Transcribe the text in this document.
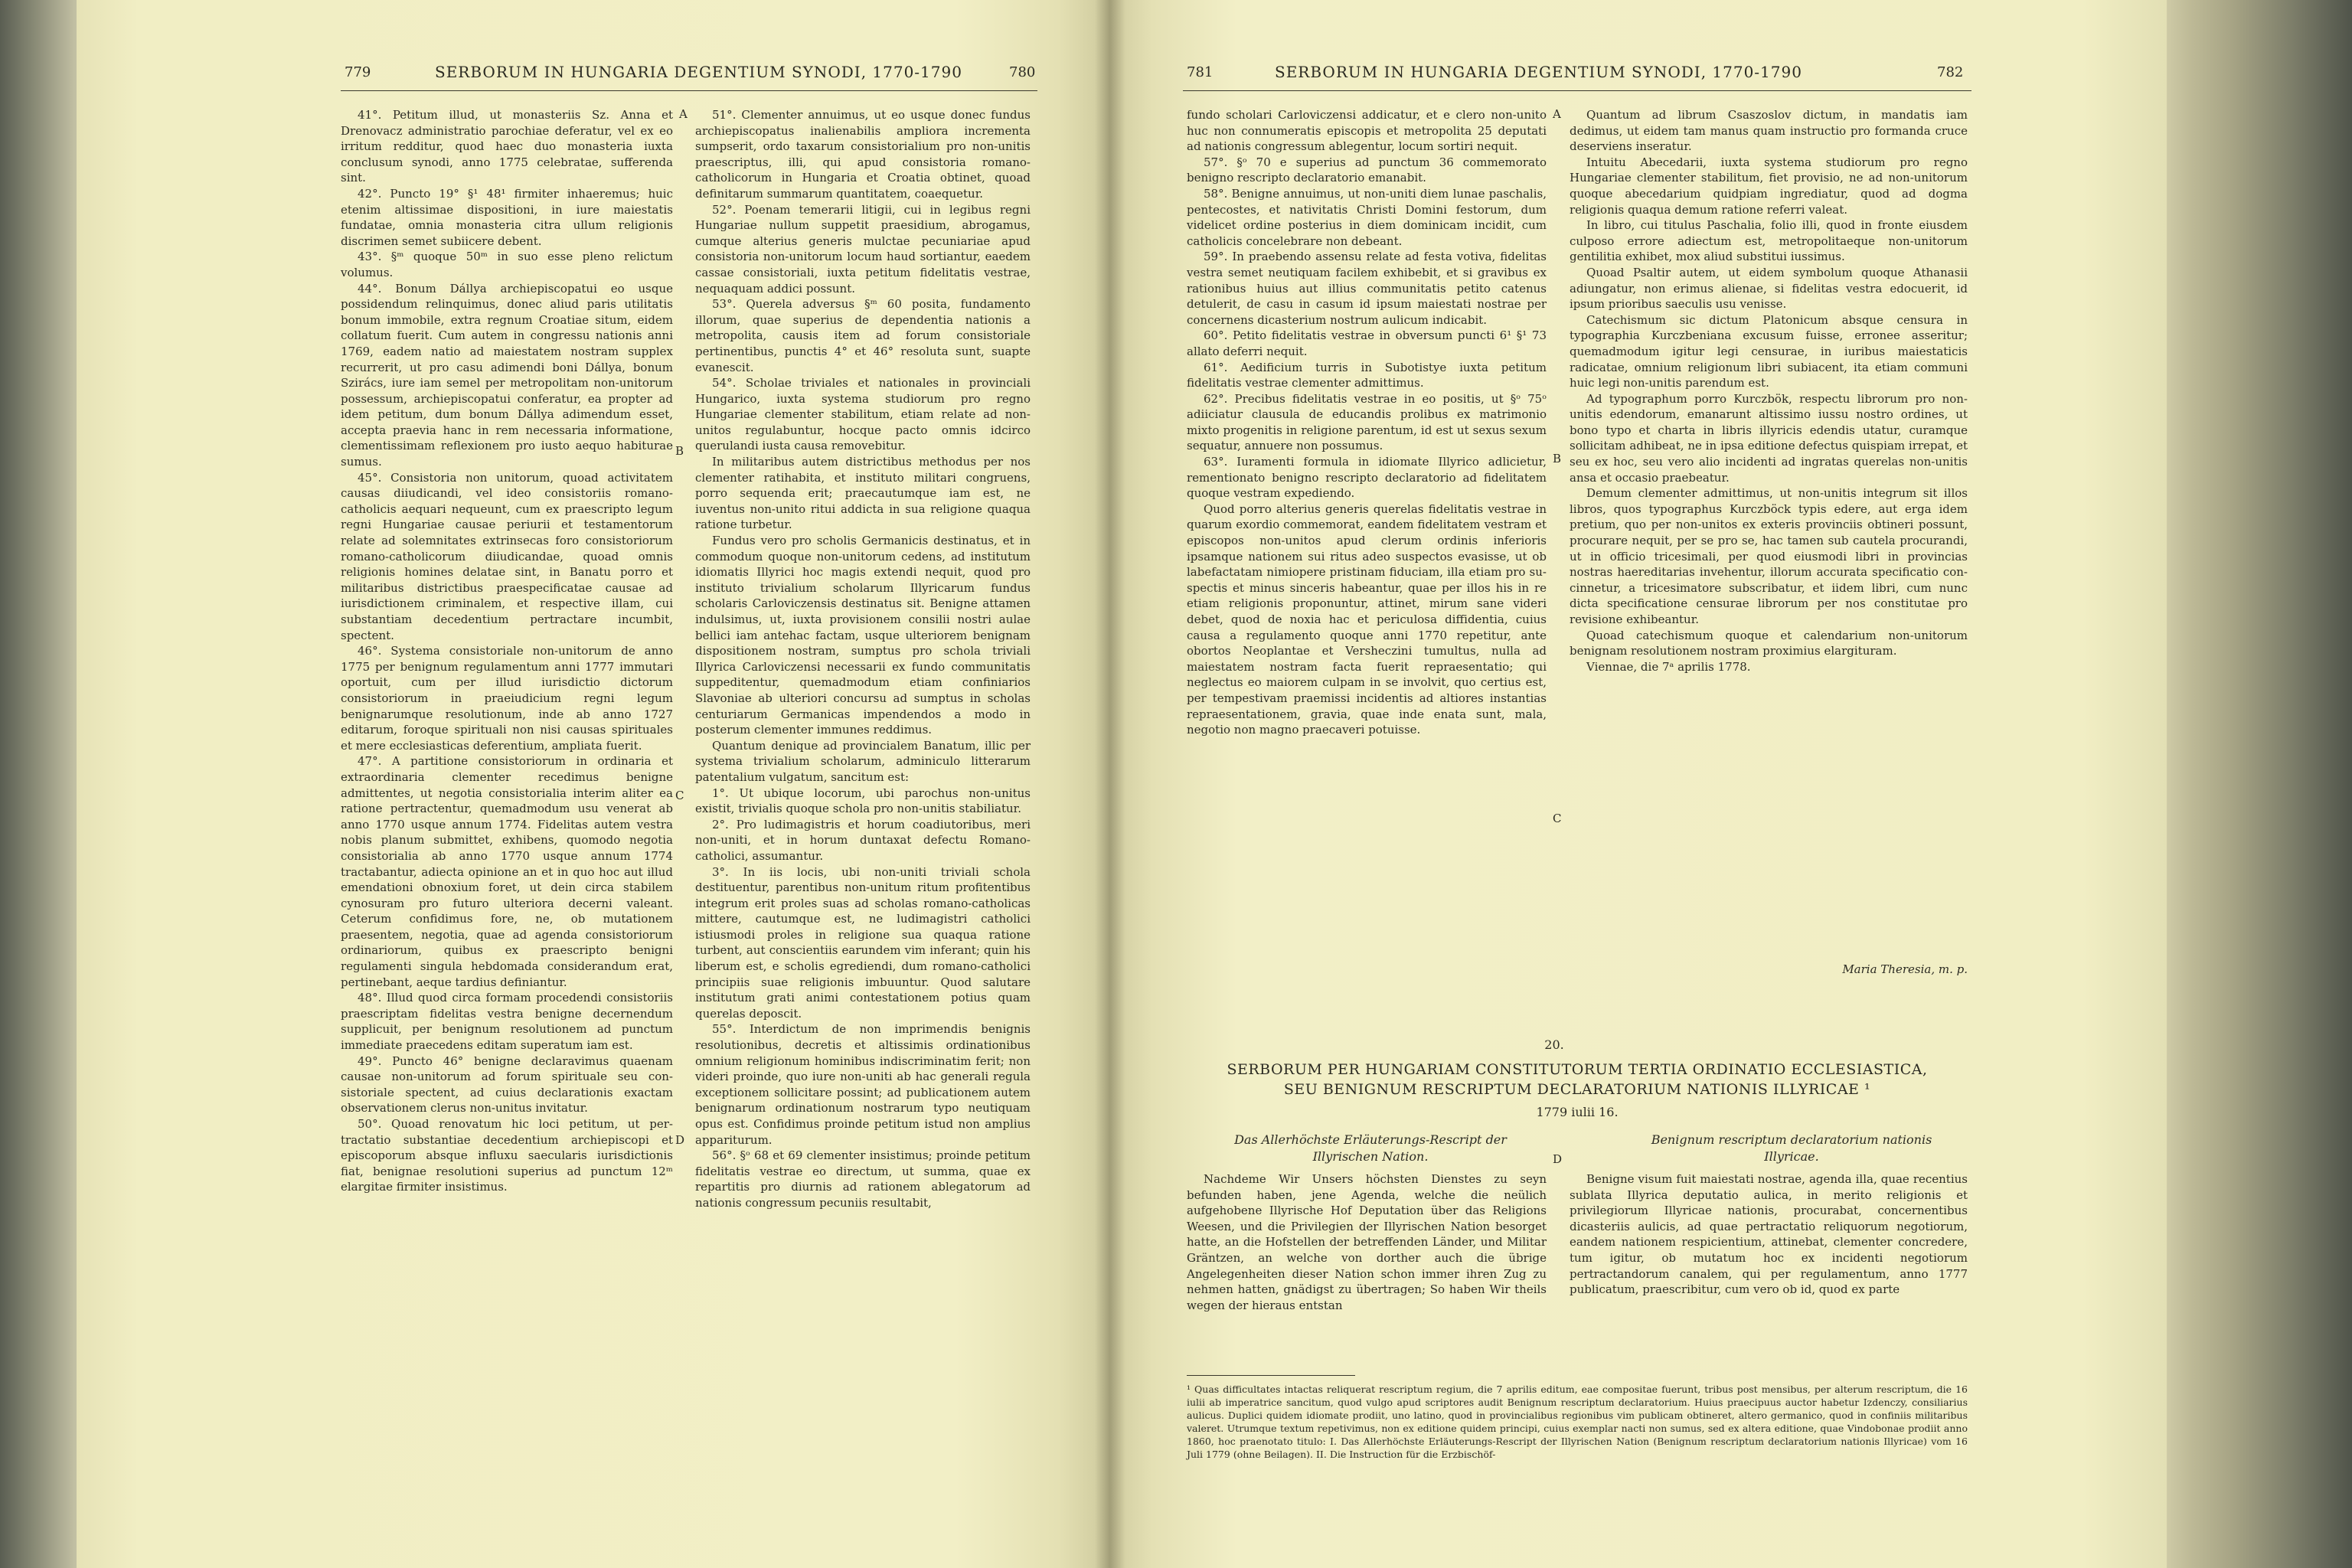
779	SERBORUM IN HUNGARIA DEGENTIUM SYNODI, 1770-1790	780

41°. Petitum illud, ut monasteriis Sz. Anna et Drenovacz administratio parochiae deferatur, vel ex eo irritum redditur, quod haec duo monasteria iuxta conclusum synodi, anno 1775 celebratae, sufferenda sint.

42°. Puncto 19° §¹ 48¹ firmiter inhaeremus; huic etenim altissimae dispositioni, in iure maiestatis fundatae, omnia monasteria citra ullum religionis discrimen semet subiicere debent.

43°. §ᵐ quoque 50ᵐ in suo esse pleno relictum volumus.

44°. Bonum Dállya archiepiscopatui eo usque possidendum relinquimus, donec aliud paris utilitatis bonum immobile, extra regnum Croatiae situm, eidem collatum fuerit. Cum autem in congressu nationis anni 1769, eadem natio ad maiestatem nostram supplex recurrerit, ut pro casu adimendi boni Dállya, bonum Szirács, iure iam semel per metropolitam non-unitorum possessum, archiepiscopatui conferatur, ea propter ad idem petitum, dum bonum Dállya adimendum esset, accepta praevia hanc in rem necessaria informatione, clementissimam reflexionem pro iusto aequo habiturae sumus.

45°. Consistoria non unitorum, quoad activitatem causas diiudicandi, vel ideo consistoriis romano-catholicis aequari nequeunt, cum ex praescripto legum regni Hungariae causae periurii et testamentorum relate ad solemnitates extrinsecas foro consistoriorum romano-catholicorum diiudicandae, quoad omnis religionis homines delatae sint, in Banatu porro et militaribus districtibus praespecificatae causae ad iurisdictionem criminalem, et respective illam, cui substantiam decedentium pertractare incumbit, spectent.

46°. Systema consistoriale non-unitorum de anno 1775 per benignum regulamentum anni 1777 immutari oportuit, cum per illud iurisdictio dictorum consistoriorum in praeiudicium regni legum benignarumque resolutionum, inde ab anno 1727 editarum, foroque spirituali non nisi causas spirituales et mere ecclesiasticas deferentium, ampliata fuerit.

47°. A partitione consistoriorum in ordinaria et extraordinaria clementer recedimus benigne admittentes, ut negotia consistorialia interim aliter ea ratione pertractentur, quemadmodum usu venerat ab anno 1770 usque annum 1774. Fidelitas autem vestra nobis planum submittet, exhibens, quomodo negotia consistorialia ab anno 1770 usque annum 1774 tractabantur, adiecta opinione an et in quo hoc aut illud emendationi obnoxium foret, ut dein circa stabilem cynosuram pro futuro ulteriora decerni valeant. Ceterum confidimus fore, ne, ob mutationem praesentem, negotia, quae ad agenda consistoriorum ordinariorum, quibus ex praescripto benigni regulamenti singula hebdomada considerandum erat, pertinebant, aeque tardius definiantur.

48°. Illud quod circa formam procedendi consistoriis praescriptam fidelitas vestra benigne decernendum supplicuit, per benignum resolutionem ad punctum immediate praecedens editam superatum iam est.

49°. Puncto 46° benigne declaravimus quaenam causae non-unitorum ad forum spirituale seu consistoriale spectent, ad cuius declarationis exactam observationem clerus non-unitus invitatur.

50°. Quoad renovatum hic loci petitum, ut pertractatio substantiae decedentium archiepiscopi et episcoporum absque influxu saecularis iurisdictionis fiat, benignae resolutioni superius ad punctum 12ᵐ elargitae firmiter insistimus.

A
B
C
D

51°. Clementer annuimus, ut eo usque donec fundus archiepiscopatus inalienabilis ampliora incrementa sumpserit, ordo taxarum consistorialium pro non-unitis praescriptus, illi, qui apud consistoria romano-catholicorum in Hungaria et Croatia obtinet, quoad definitarum summarum quantitatem, coaequetur.

52°. Poenam temerarii litigii, cui in legibus regni Hungariae nullum suppetit praesidium, abrogamus, cumque alterius generis mulctae pecuniariae apud consistoria non-unitorum locum haud sortiantur, eaedem cassae consistoriali, iuxta petitum fidelitatis vestrae, nequaquam addici possunt.

53°. Querela adversus §ᵐ 60 posita, fundamento illorum, quae superius de dependentia nationis a metropolita, causis item ad forum consistoriale pertinentibus, punctis 4° et 46° resoluta sunt, suapte evanescit.

54°. Scholae triviales et nationales in provinciali Hungarico, iuxta systema studiorum pro regno Hungariae clementer stabilitum, etiam relate ad non-unitos regulabuntur, hocque pacto omnis idcirco querulandi iusta causa removebitur.

In militaribus autem districtibus methodus per nos clementer ratihabita, et instituto militari congruens, porro sequenda erit; praecautumque iam est, ne iuventus non-unito ritui addicta in sua religione quaqua ratione turbetur.

Fundus vero pro scholis Germanicis destinatus, et in commodum quoque non-unitorum cedens, ad institutum idiomatis Illyrici hoc magis extendi nequit, quod pro instituto trivialium scholarum Illyricarum fundus scholaris Carloviczensis destinatus sit. Benigne attamen indulsimus, ut, iuxta provisionem consilii nostri aulae bellici iam antehac factam, usque ulteriorem benignam dispositionem nostram, sumptus pro schola triviali Illyrica Carloviczensi necessarii ex fundo communitatis suppeditentur, quemadmodum etiam confiniarios Slavoniae ab ulteriori concursu ad sumptus in scholas centuriarum Germanicas impendendos a modo in posterum clementer immunes reddimus.

Quantum denique ad provincialem Banatum, illic per systema trivialium scholarum, adminiculo litterarum patentalium vulgatum, sancitum est:

1°. Ut ubique locorum, ubi parochus non-unitus existit, trivialis quoque schola pro non-unitis stabiliatur.

2°. Pro ludimagistris et horum coadiutoribus, meri non-uniti, et in horum duntaxat defectu Romano-catholici, assumantur.

3°. In iis locis, ubi non-uniti triviali schola destituentur, parentibus non-unitum ritum profitentibus integrum erit proles suas ad scholas romano-catholicas mittere, cautumque est, ne ludimagistri catholici istiusmodi proles in religione sua quaqua ratione turbent, aut conscientiis earundem vim inferant; quin his liberum est, e scholis egrediendi, dum romano-catholici principiis suae religionis imbuuntur. Quod salutare institutum grati animi contestationem potius quam querelas deposcit.

55°. Interdictum de non imprimendis benignis resolutionibus, decretis et altissimis ordinationibus omnium religionum hominibus indiscriminatim ferit; non videri proinde, quo iure non-uniti ab hac generali regula exceptionem sollicitare possint; ad publicationem autem benignarum ordinationum nostrarum typo neutiquam opus est. Confidimus proinde petitum istud non amplius appariturum.

56°. §ᵒ 68 et 69 clementer insistimus; proinde petitum fidelitatis vestrae eo directum, ut summa, quae ex repartitis pro diurnis ad rationem ablegatorum ad nationis congressum pecuniis resultabit,

781	SERBORUM IN HUNGARIA DEGENTIUM SYNODI, 1770-1790	782

fundo scholari Carloviczensi addicatur, et e clero non-unito huc non connumeratis episcopis et metropolita 25 deputati ad nationis congressum ablegentur, locum sortiri nequit.

57°. §ᵒ 70 e superius ad punctum 36 commemorato benigno rescripto declaratorio emanabit.

58°. Benigne annuimus, ut non-uniti diem lunae paschalis, pentecostes, et nativitatis Christi Domini festorum, dum videlicet ordine posterius in diem dominicam incidit, cum catholicis concelebrare non debeant.

59°. In praebendo assensu relate ad festa votiva, fidelitas vestra semet neutiquam facilem exhibebit, et si gravibus ex rationibus huius aut illius communitatis petito catenus detulerit, de casu in casum id ipsum maiestati nostrae per concernens dicasterium nostrum aulicum indicabit.

60°. Petito fidelitatis vestrae in obversum puncti 6¹ §¹ 73 allato deferri nequit.

61°. Aedificium turris in Subotistye iuxta petitum fidelitatis vestrae clementer admittimus.

62°. Precibus fidelitatis vestrae in eo positis, ut §ᵒ 75ᵒ adiiciatur clausula de educandis prolibus ex matrimonio mixto progenitis in religione parentum, id est ut sexus sexum sequatur, annuere non possumus.

63°. Iuramenti formula in idiomate Illyrico adlicietur, rementionato benigno rescripto declaratorio ad fidelitatem quoque vestram expediendo.

Quod porro alterius generis querelas fidelitatis vestrae in quarum exordio commemorat, eandem fidelitatem vestram et episcopos non-unitos apud clerum ordinis inferioris ipsamque nationem sui ritus adeo suspectos evasisse, ut ob labefactatam nimiopere pristinam fiduciam, illa etiam pro suspectis et minus sinceris habeantur, quae per illos his in re etiam religionis proponuntur, attinet, mirum sane videri debet, quod de noxia hac et periculosa diffidentia, cuius causa a regulamento quoque anni 1770 repetitur, ante obortos Neoplantae et Versheczini tumultus, nulla ad maiestatem nostram facta fuerit repraesentatio; qui neglectus eo maiorem culpam in se involvit, quo certius est, per tempestivam praemissi incidentis ad altiores instantias repraesentationem, gravia, quae inde enata sunt, mala, negotio non magno praecaveri potuisse.

A
B
C
D

Quantum ad librum Csaszoslov dictum, in mandatis iam dedimus, ut eidem tam manus quam instructio pro formanda cruce deserviens inseratur.

Intuitu Abecedarii, iuxta systema studiorum pro regno Hungariae clementer stabilitum, fiet provisio, ne ad non-unitorum quoque abecedarium quidpiam ingrediatur, quod ad dogma religionis quaqua demum ratione referri valeat.

In libro, cui titulus Paschalia, folio illi, quod in fronte eiusdem culposo errore adiectum est, metropolitaeque non-unitorum gentilitia exhibet, mox aliud substitui iussimus.

Quoad Psaltir autem, ut eidem symbolum quoque Athanasii adiungatur, non erimus alienae, si fidelitas vestra edocuerit, id ipsum prioribus saeculis usu venisse.

Catechismum sic dictum Platonicum absque censura in typographia Kurczbeniana excusum fuisse, erronee asseritur; quemadmodum igitur legi censurae, in iuribus maiestaticis radicatae, omnium religionum libri subiacent, ita etiam communi huic legi non-unitis parendum est.

Ad typographum porro Kurczbök, respectu librorum pro non-unitis edendorum, emanarunt altissimo iussu nostro ordines, ut bono typo et charta in libris illyricis edendis utatur, curamque sollicitam adhibeat, ne in ipsa editione defectus quispiam irrepat, et seu ex hoc, seu vero alio incidenti ad ingratas querelas non-unitis ansa et occasio praebeatur.

Demum clementer admittimus, ut non-unitis integrum sit illos libros, quos typographus Kurczböck typis edere, aut erga idem pretium, quo per non-unitos ex exteris provinciis obtineri possunt, procurare nequit, per se pro se, hac tamen sub cautela procurandi, ut in officio tricesimali, per quod eiusmodi libri in provincias nostras haereditarias invehentur, illorum accurata specificatio concinnetur, a tricesimatore subscribatur, et iidem libri, cum nunc dicta specificatione censurae librorum per nos constitutae pro revisione exhibeantur.

Quoad catechismum quoque et calendarium non-unitorum benignam resolutionem nostram proximius elargituram.

Viennae, die 7ᵃ aprilis 1778.

Maria Theresia, m. p.

20.
SERBORUM PER HUNGARIAM CONSTITUTORUM TERTIA ORDINATIO ECCLESIASTICA,
SEU BENIGNUM RESCRIPTUM DECLARATORIUM NATIONIS ILLYRICAE ¹
1779 iulii 16.
Das Allerhöchste Erläuterungs-Rescript der Illyrischen Nation.
Benignum rescriptum declaratorium nationis Illyricae.

Nachdeme Wir Unsers höchsten Dienstes zu seyn befunden haben, jene Agenda, welche die neülich aufgehobene Illyrische Hof Deputation über das Religions Weesen, und die Privilegien der Illyrischen Nation besorget hatte, an die Hofstellen der betreffenden Länder, und Militar Gräntzen, an welche von dorther auch die übrige Angelegenheiten dieser Nation schon immer ihren Zug zu nehmen hatten, gnädigst zu übertragen; So haben Wir theils wegen der hieraus entstan

Benigne visum fuit maiestati nostrae, agenda illa, quae recentius sublata Illyrica deputatio aulica, in merito religionis et privilegiorum Illyricae nationis, procurabat, concernentibus dicasteriis aulicis, ad quae pertractatio reliquorum negotiorum, eandem nationem respicientium, attinebat, clementer concredere, tum igitur, ob mutatum hoc ex incidenti negotiorum pertractandorum canalem, qui per regulamentum, anno 1777 publicatum, praescribitur, cum vero ob id, quod ex parte

¹ Quas difficultates intactas reliquerat rescriptum regium, die 7 aprilis editum, eae compositae fuerunt, tribus post mensibus, per alterum rescriptum, die 16 iulii ab imperatrice sancitum, quod vulgo apud scriptores audit Benignum rescriptum declaratorium. Huius praecipuus auctor habetur Izdenczy, consiliarius aulicus. Duplici quidem idiomate prodiit, uno latino, quod in provincialibus regionibus vim publicam obtineret, altero germanico, quod in confiniis militaribus valeret. Utrumque textum repetivimus, non ex editione quidem principi, cuius exemplar nacti non sumus, sed ex altera editione, quae Vindobonae prodiit anno 1860, hoc praenotato titulo: I. Das Allerhöchste Erläuterungs-Rescript der Illyrischen Nation (Benignum rescriptum declaratorium nationis Illyricae) vom 16 Juli 1779 (ohne Beilagen). II. Die Instruction für die Erzbischöf-
